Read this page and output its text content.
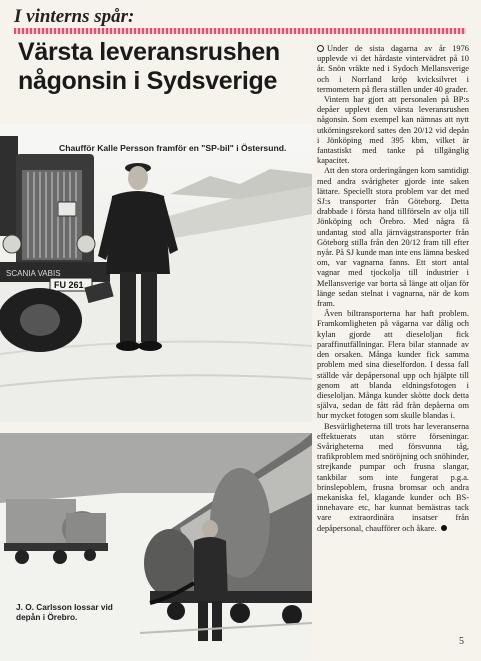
I vinterns spår:
Värsta leveransrushen någonsin i Sydsverige
SCANIA VABIS
FU 261
Chaufför Kalle Persson framför en "SP-bil" i Östersund.
J. O. Carlsson lossar vid depån i Örebro.

Under de sista dagarna av år 1976 upplevde vi det hårdaste vintervädret på 10 år. Snön vräkte ned i Sydoch Mellansverige och i Norrland kröp kvicksilvret i termometern på flera ställen under 40 grader.

Vintern har gjort att personalen på BP:s depåer upplevt den värsta leveransrushen någonsin. Som exempel kan nämnas att nytt utkörningsrekord sattes den 20/12 vid depån i Jönköping med 395 kbm, vilket är fantastiskt med tanke på tillgänglig kapacitet.

Att den stora orderingången kom samtidigt med andra svårigheter gjorde inte saken lättare. Speciellt stora problem var det med SJ:s transporter från Göteborg. Detta drabbade i första hand tillförseln av olja till Jönköping och Örebro. Med några få undantag stod alla järnvägstransporter från Göteborg stilla från den 20/12 fram till efter nyår. På SJ kunde man inte ens lämna besked om, var vagnarna fanns. Ett stort antal vagnar med tjockolja till industrier i Mellansverige var borta så länge att oljan för länge sedan stelnat i vagnarna, när de kom fram.

Även biltransporterna har haft problem. Framkomligheten på vägarna var dålig och kylan gjorde att dieseloljan fick paraffinutfällningar. Flera bilar stannade av den orsaken. Många kunder fick samma problem med sina dieselfordon. I dessa fall ställde vår depåpersonal upp och hjälpte till genom att blanda eldningsfotogen i dieseloljan. Många kunder skötte dock detta själva, sedan de fått råd från depåerna om hur mycket fotogen som skulle blandas i.

Besvärligheterna till trots har leveranserna effektuerats utan större förseningar. Svårigheterna med försvunna tåg, trafikproblem med snöröjning och snöhinder, strejkande pumpar och frusna slangar, tankbilar som inte fungerat p.g.a. brinslepoblem, frusna bromsar och andra mekaniska fel, klagande kunder och BS-innehavare etc, har kunnat bemästras tack vare extraordinära insatser från depåpersonal, chaufförer och åkare.

5
